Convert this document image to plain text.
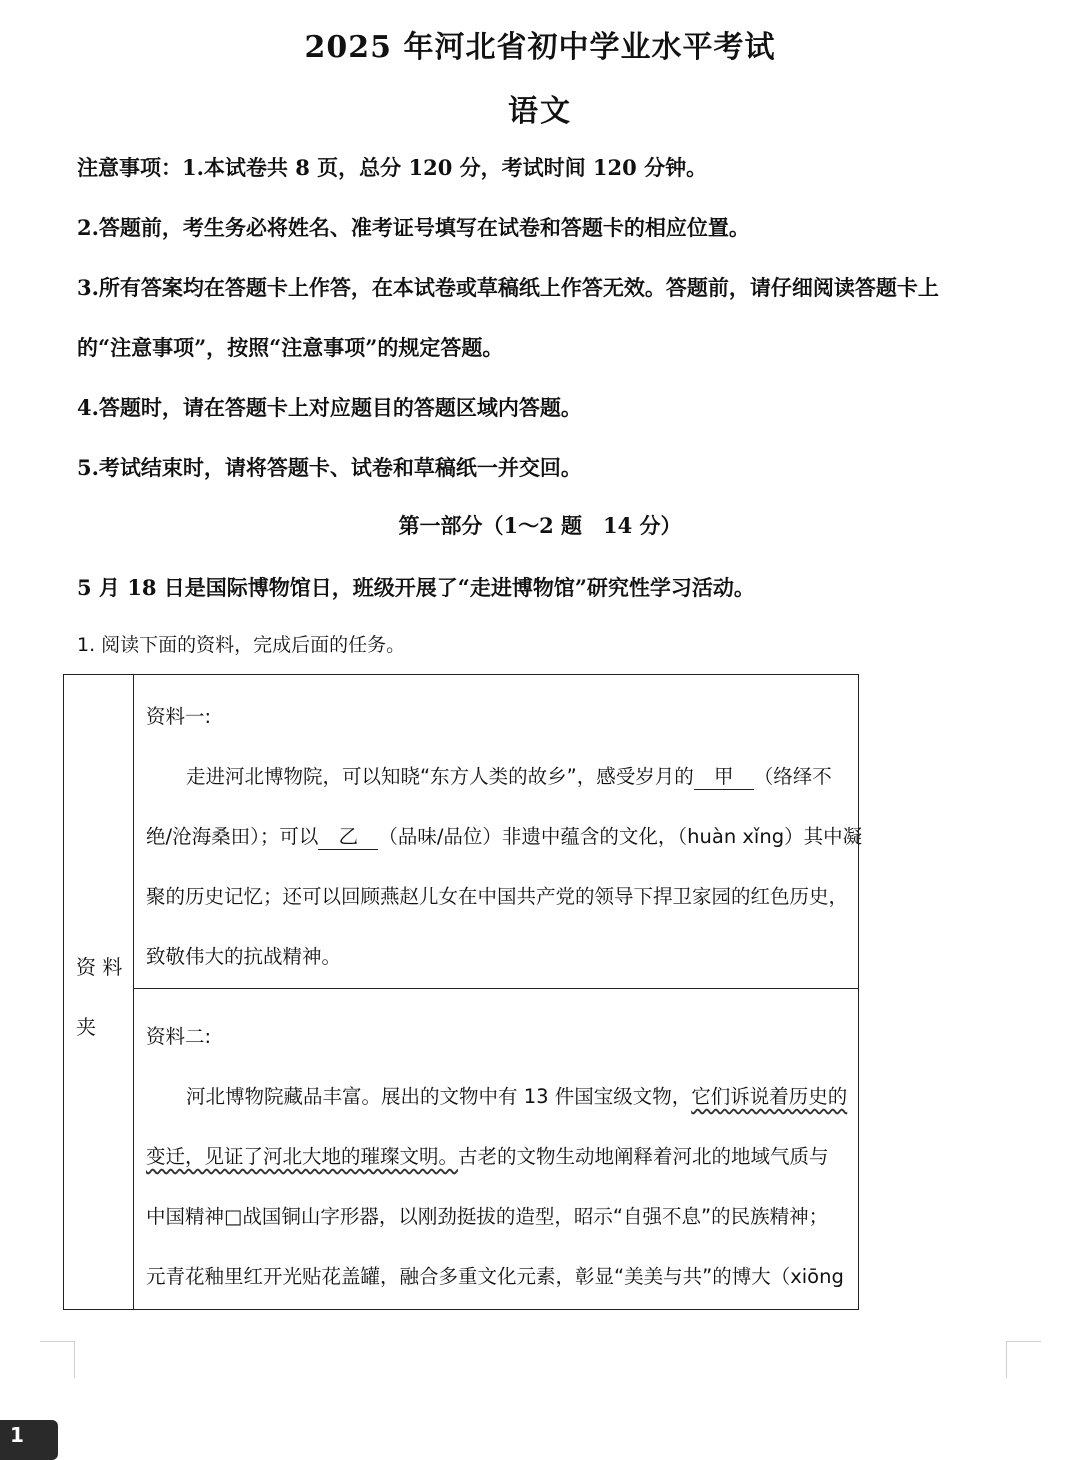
2025 年河北省初中学业水平考试
语文
注意事项：1.本试卷共 8 页，总分 120 分，考试时间 120 分钟。
2.答题前，考生务必将姓名、准考证号填写在试卷和答题卡的相应位置。
3.所有答案均在答题卡上作答，在本试卷或草稿纸上作答无效。答题前，请仔细阅读答题卡上
的“注意事项”，按照“注意事项”的规定答题。
4.答题时，请在答题卡上对应题目的答题区域内答题。
5.考试结束时，请将答题卡、试卷和草稿纸一并交回。
第一部分（1～2 题　14 分）
5 月 18 日是国际博物馆日，班级开展了“走进博物馆”研究性学习活动。
1. 阅读下面的资料，完成后面的任务。
资 料
夹
资料一:
走进河北博物院，可以知晓“东方人类的故乡”，感受岁月的 甲 （络绎不
绝/沧海桑田）；可以 乙 （品味/品位）非遗中蕴含的文化，（huàn xǐng）其中凝
聚的历史记忆；还可以回顾燕赵儿女在中国共产党的领导下捍卫家园的红色历史，
致敬伟大的抗战精神。
资料二:
河北博物院藏品丰富。展出的文物中有 13 件国宝级文物，它们诉说着历史的
变迁，见证了河北大地的璀璨文明。古老的文物生动地阐释着河北的地域气质与
中国精神□战国铜山字形器，以刚劲挺拔的造型，昭示“自强不息”的民族精神；
元青花釉里红开光贴花盖罐，融合多重文化元素，彰显“美美与共”的博大（xiōng
1
